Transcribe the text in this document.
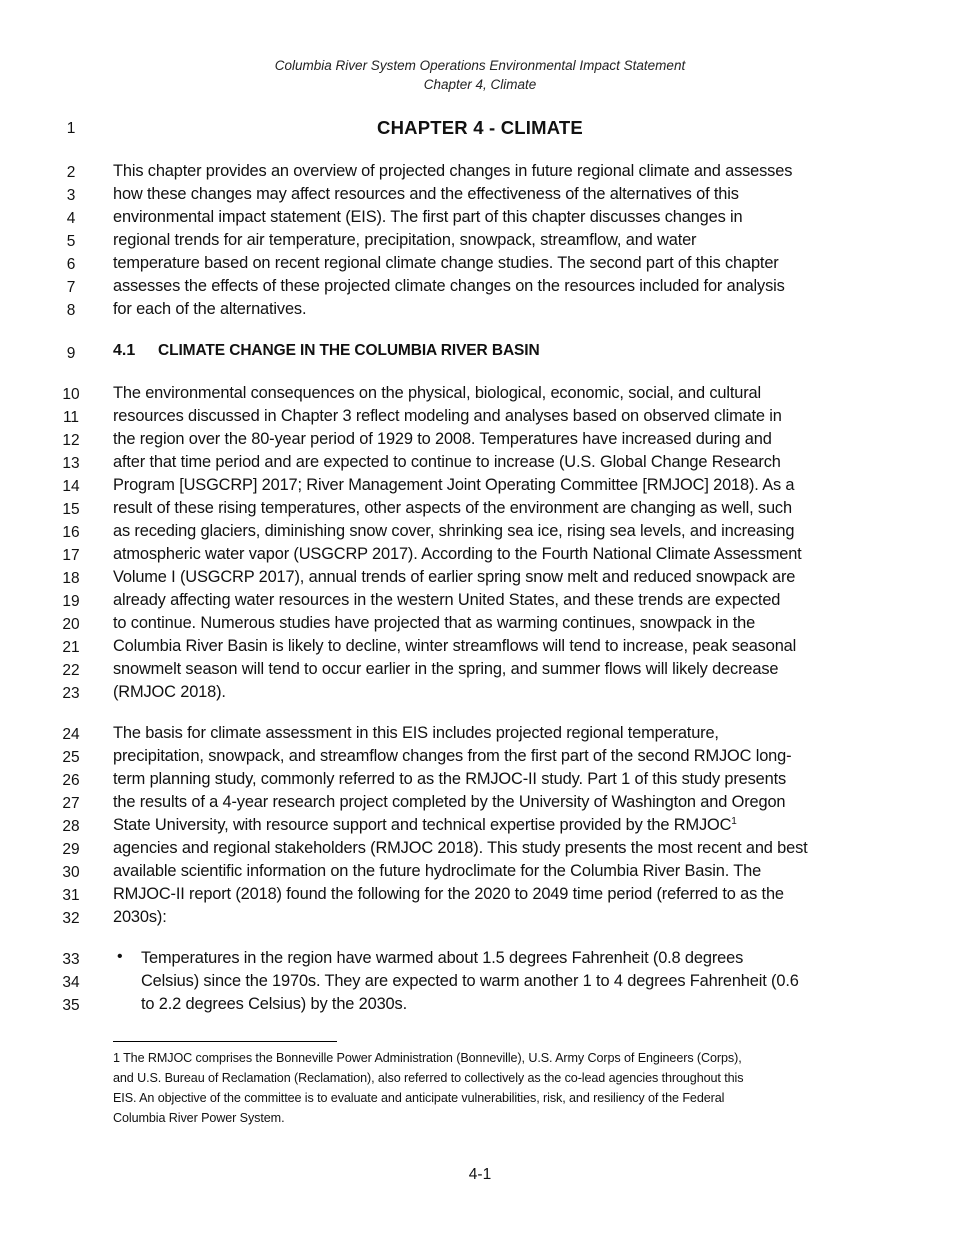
Columbia River System Operations Environmental Impact Statement
Chapter 4, Climate
CHAPTER 4 - CLIMATE
1
2
3
4
5
6
7
8
9
10
11
12
13
14
15
16
17
18
19
20
21
22
23
24
25
26
27
28
29
30
31
32
33
34
35
This chapter provides an overview of projected changes in future regional climate and assesses
how these changes may affect resources and the effectiveness of the alternatives of this
environmental impact statement (EIS). The first part of this chapter discusses changes in
regional trends for air temperature, precipitation, snowpack, streamflow, and water
temperature based on recent regional climate change studies. The second part of this chapter
assesses the effects of these projected climate changes on the resources included for analysis
for each of the alternatives.
4.1 CLIMATE CHANGE IN THE COLUMBIA RIVER BASIN
The environmental consequences on the physical, biological, economic, social, and cultural
resources discussed in Chapter 3 reflect modeling and analyses based on observed climate in
the region over the 80-year period of 1929 to 2008. Temperatures have increased during and
after that time period and are expected to continue to increase (U.S. Global Change Research
Program [USGCRP] 2017; River Management Joint Operating Committee [RMJOC] 2018). As a
result of these rising temperatures, other aspects of the environment are changing as well, such
as receding glaciers, diminishing snow cover, shrinking sea ice, rising sea levels, and increasing
atmospheric water vapor (USGCRP 2017). According to the Fourth National Climate Assessment
Volume I (USGCRP 2017), annual trends of earlier spring snow melt and reduced snowpack are
already affecting water resources in the western United States, and these trends are expected
to continue. Numerous studies have projected that as warming continues, snowpack in the
Columbia River Basin is likely to decline, winter streamflows will tend to increase, peak seasonal
snowmelt season will tend to occur earlier in the spring, and summer flows will likely decrease
(RMJOC 2018).
The basis for climate assessment in this EIS includes projected regional temperature,
precipitation, snowpack, and streamflow changes from the first part of the second RMJOC long-
term planning study, commonly referred to as the RMJOC-II study. Part 1 of this study presents
the results of a 4-year research project completed by the University of Washington and Oregon
State University, with resource support and technical expertise provided by the RMJOC$^1$
agencies and regional stakeholders (RMJOC 2018). This study presents the most recent and best
available scientific information on the future hydroclimate for the Columbia River Basin. The
RMJOC-II report (2018) found the following for the 2020 to 2049 time period (referred to as the
2030s):
• Temperatures in the region have warmed about 1.5 degrees Fahrenheit (0.8 degrees
Celsius) since the 1970s. They are expected to warm another 1 to 4 degrees Fahrenheit (0.6
to 2.2 degrees Celsius) by the 2030s.
1 The RMJOC comprises the Bonneville Power Administration (Bonneville), U.S. Army Corps of Engineers (Corps),
and U.S. Bureau of Reclamation (Reclamation), also referred to collectively as the co-lead agencies throughout this
EIS. An objective of the committee is to evaluate and anticipate vulnerabilities, risk, and resiliency of the Federal
Columbia River Power System.
4-1
